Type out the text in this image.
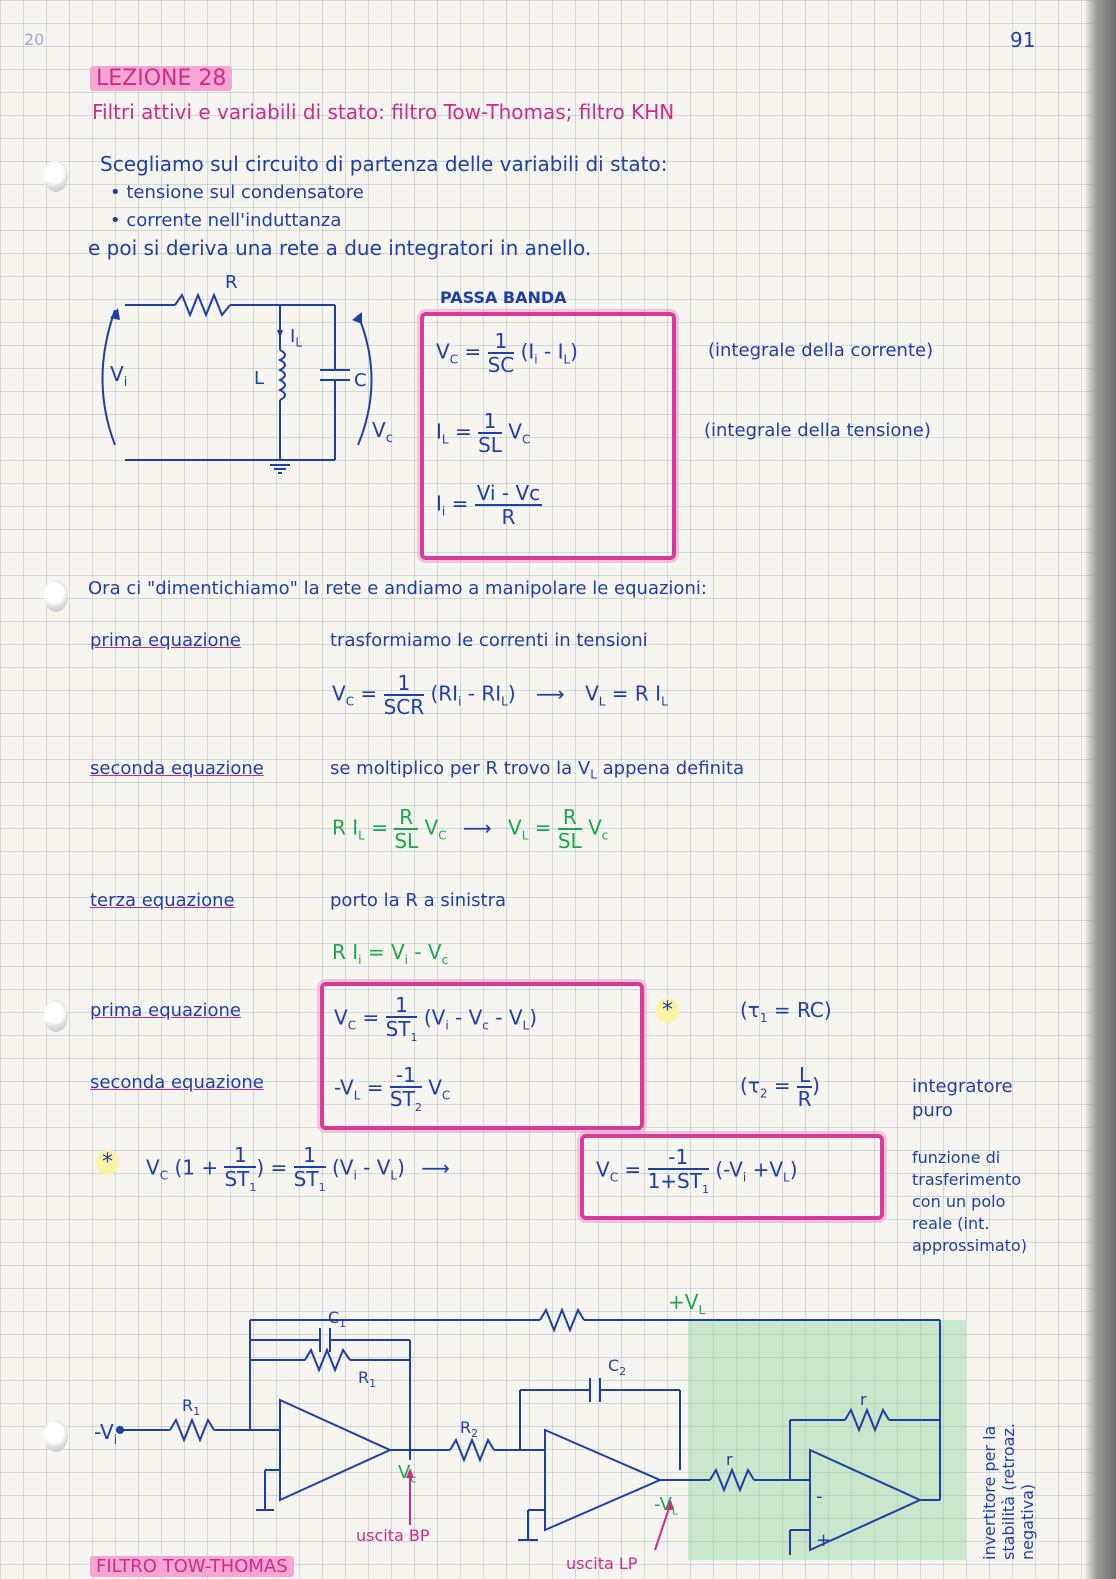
20	91
LEZIONE 28
Filtri attivi e variabili di stato: filtro Tow-Thomas; filtro KHN
Scegliamo sul circuito di partenza delle variabili di stato:
• tensione sul condensatore
• corrente nell'induttanza
e poi si deriva una rete a due integratori in anello.
R
$I_L$
L	C
$V_i$
$V_c$
PASSA BANDA
$V_C = \frac{1}{SC} (I_i - I_L)$	(integrale della corrente)
$I_L = \frac{1}{SL} V_C$	(integrale della tensione)
$I_i = \frac{Vi - Vc}{R}$
Ora ci "dimentichiamo" la rete e andiamo a manipolare le equazioni:
prima equazione	trasformiamo le correnti in tensioni
$V_C = 1$
SCR
$(RI_i - RI_L)$ ⟶ $V_L = R$ $I_L$
seconda equazione	se moltiplico per R trovo la $V_L$ appena definita
R $I_L = \frac{R}{SL} V_C$ ⟶ $V_L = \frac{R}{SL} V_c$
terza equazione	porto la R a sinistra
R $I_i = V_i - V_c$
prima equazione	$V_C = \frac{1}{ST_1} (V_i - V_c - V_L)$	*	$(\tau_1 = RC)$
seconda equazione	$-V_L = \frac{-1}{ST_2} V_C$	($\tau_2 = \frac{L}{R}$ )	integratore
puro
*	$V_C$ ($1 + \frac{1}{ST_1}$ ) = $\frac{1}{ST_1} (V_i - V_L)$ ⟶	$V_C = \frac{-1}{1+ST_1} (-V_i +V_L)$
funzione di
trasferimento
con un polo
reale (int.
approssimato)
$+V_L$
$C_1$
$R_1$
$R_1$
$-V_i$
$R_2$
$C_2$
$V_c$
uscita BP
$-V_L$
uscita LP
r
r
-
+	invertitore per la stabilità (retroaz. negativa)
FILTRO TOW-THOMAS
